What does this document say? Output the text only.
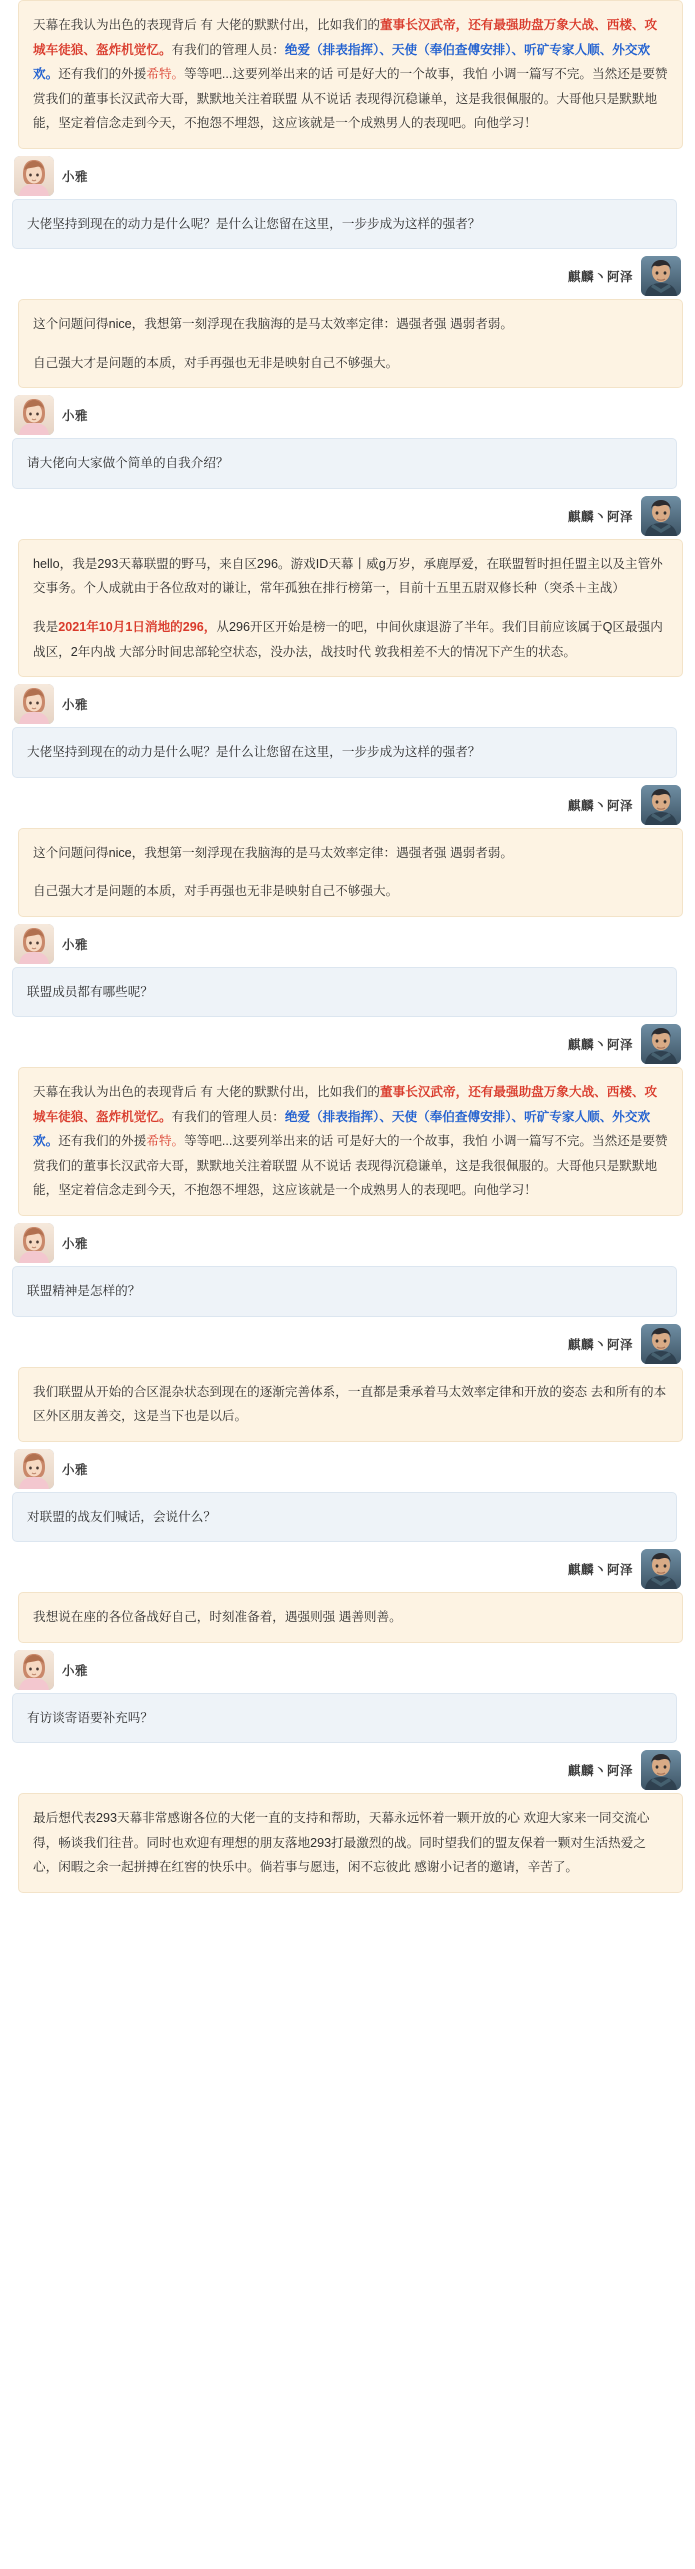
天幕在我认为出色的表现背后 有 大佬的默默付出，比如我们的董事长汉武帝，还有最强助盘万象大战、西楼、攻城车徒狼、盔炸机觉忆。有我们的管理人员：绝爱（排表指挥）、天使（奉伯查傅安排）、听矿专家人顺、外交欢欢。还有我们的外援希特。等等吧...这要列举出来的话 可是好大的一个故事，我怕 小调一篇写不完。当然还是要赞赏我们的董事长汉武帝大哥，默默地关注着联盟 从不说话 表现得沉稳谦单，这是我很佩服的。大哥他只是默默地能，坚定着信念走到今天，不抱怨不埋怨，这应该就是一个成熟男人的表现吧。向他学习！

小雅

大佬坚持到现在的动力是什么呢？是什么让您留在这里，一步步成为这样的强者？

麒麟丶阿泽

这个问题问得nice，我想第一刻浮现在我脑海的是马太效率定律：遇强者强 遇弱者弱。

自己强大才是问题的本质，对手再强也无非是映射自己不够强大。

小雅

请大佬向大家做个简单的自我介绍？

麒麟丶阿泽

hello，我是293天幕联盟的野马，来自区296。游戏ID天幕丨威g万岁，承鹿厚爱，在联盟暂时担任盟主以及主管外交事务。个人成就由于各位敌对的谦让，常年孤独在排行榜第一，目前十五里五尉双修长种（突杀＋主战）

我是2021年10月1日消地的296，从296开区开始是榜一的吧，中间伙康退游了半年。我们目前应该属于Q区最强内战区，2年内战 大部分时间忠部轮空状态，没办法，战技时代 敦我相差不大的情况下产生的状态。

小雅

大佬坚持到现在的动力是什么呢？是什么让您留在这里，一步步成为这样的强者？

麒麟丶阿泽

这个问题问得nice，我想第一刻浮现在我脑海的是马太效率定律：遇强者强 遇弱者弱。

自己强大才是问题的本质，对手再强也无非是映射自己不够强大。

小雅

联盟成员都有哪些呢？

麒麟丶阿泽

天幕在我认为出色的表现背后 有 大佬的默默付出，比如我们的董事长汉武帝，还有最强助盘万象大战、西楼、攻城车徒狼、盔炸机觉忆。有我们的管理人员：绝爱（排表指挥）、天使（奉伯查傅安排）、听矿专家人顺、外交欢欢。还有我们的外援希特。等等吧...这要列举出来的话 可是好大的一个故事，我怕 小调一篇写不完。当然还是要赞赏我们的董事长汉武帝大哥，默默地关注着联盟 从不说话 表现得沉稳谦单，这是我很佩服的。大哥他只是默默地能，坚定着信念走到今天，不抱怨不埋怨，这应该就是一个成熟男人的表现吧。向他学习！

小雅

联盟精神是怎样的？

麒麟丶阿泽

我们联盟从开始的合区混杂状态到现在的逐渐完善体系，一直都是秉承着马太效率定律和开放的姿态 去和所有的本区外区朋友善交，这是当下也是以后。

小雅

对联盟的战友们喊话，会说什么？

麒麟丶阿泽

我想说在座的各位备战好自己，时刻准备着，遇强则强 遇善则善。

小雅

有访谈寄语要补充吗？

麒麟丶阿泽

最后想代表293天幕非常感谢各位的大佬一直的支持和帮助，天幕永远怀着一颗开放的心 欢迎大家来一同交流心得，畅谈我们往昔。同时也欢迎有理想的朋友落地293打最激烈的战。同时望我们的盟友保着一颗对生活热爱之心，闲暇之余一起拼搏在红窖的快乐中。倘若事与愿违，闲不忘彼此 感谢小记者的邀请，辛苦了。
